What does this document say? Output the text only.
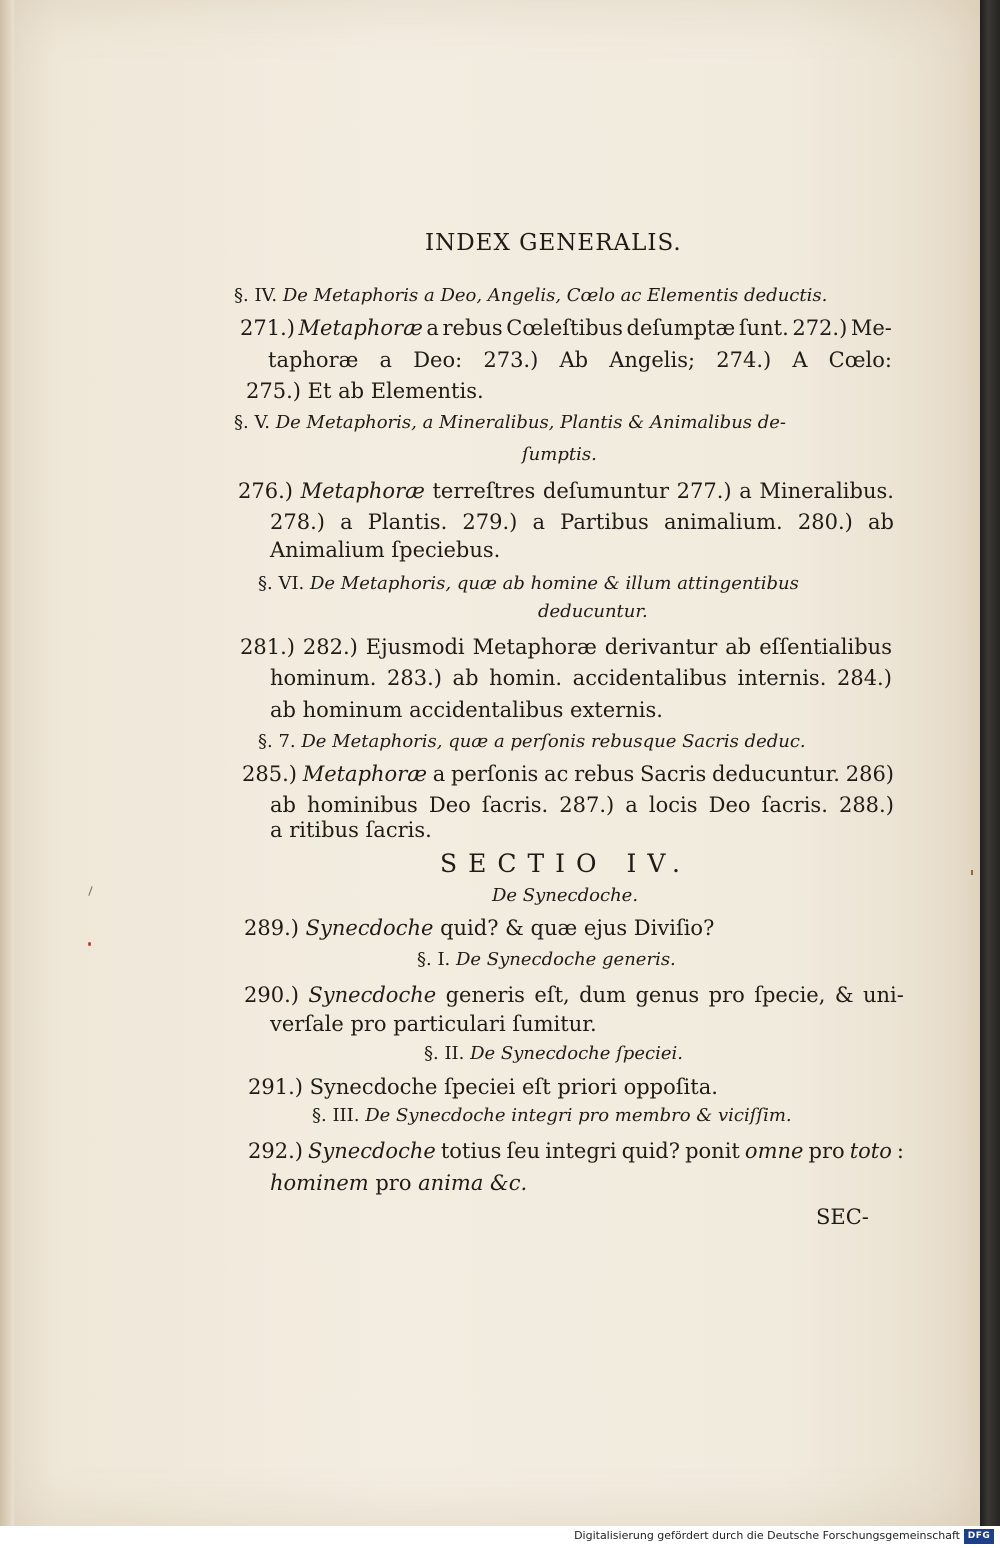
INDEX GENERALIS.
§. IV. De Metaphoris a Deo, Angelis, Cœlo ac Elementis deductis.
271.) Metaphoræ a rebus Cœleſtibus deſumptæ ſunt. 272.) Me-
taphoræ a Deo: 273.) Ab Angelis; 274.) A Cœlo:
275.) Et ab Elementis.
§. V. De Metaphoris, a Mineralibus, Plantis & Animalibus de-
ſumptis.
276.) Metaphoræ terreſtres deſumuntur 277.) a Mineralibus.
278.) a Plantis. 279.) a Partibus animalium. 280.) ab
Animalium ſpeciebus.
§. VI. De Metaphoris, quæ ab homine & illum attingentibus
deducuntur.
281.) 282.) Ejusmodi Metaphoræ derivantur ab eſſentialibus
hominum. 283.) ab homin. accidentalibus internis. 284.)
ab hominum accidentalibus externis.
§. 7. De Metaphoris, quæ a perſonis rebusque Sacris deduc.
285.) Metaphoræ a perſonis ac rebus Sacris deducuntur. 286)
ab hominibus Deo ſacris. 287.) a locis Deo ſacris. 288.)
a ritibus ſacris.
SECTIO IV.
De Synecdoche.
289.) Synecdoche quid? & quæ ejus Diviſio?
§. I. De Synecdoche generis.
290.) Synecdoche generis eſt, dum genus pro ſpecie, & uni-
verſale pro particulari ſumitur.
§. II. De Synecdoche ſpeciei.
291.) Synecdoche ſpeciei eſt priori oppoſita.
§. III. De Synecdoche integri pro membro & viciſſim.
292.) Synecdoche totius ſeu integri quid? ponit omne pro toto :
hominem pro anima &c.
SEC-
Digitalisierung gefördert durch die Deutsche Forschungsgemeinschaft DFG
